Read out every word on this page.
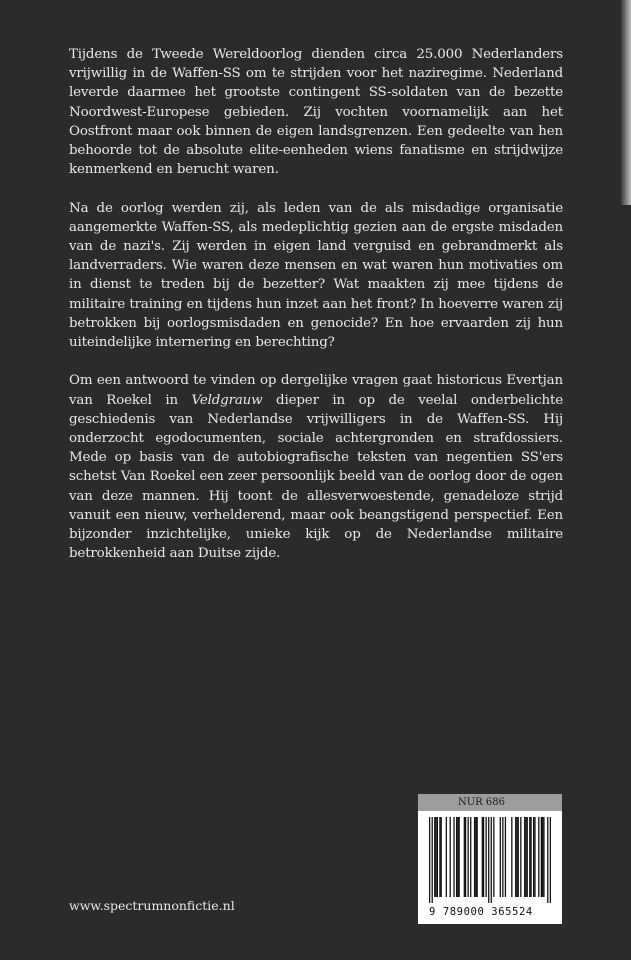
Tijdens de Tweede Wereldoorlog dienden circa 25.000 Nederlanders vrijwillig in de Waffen-SS om te strijden voor het naziregime. Nederland leverde daarmee het grootste contingent SS-soldaten van de bezette Noordwest-Europese gebieden. Zij vochten voornamelijk aan het Oostfront maar ook binnen de eigen landsgrenzen. Een gedeelte van hen behoorde tot de absolute elite-eenheden wiens fanatisme en strijdwijze kenmerkend en berucht waren.

Na de oorlog werden zij, als leden van de als misdadige organisatie aangemerkte Waffen-SS, als medeplichtig gezien aan de ergste misdaden van de nazi's. Zij werden in eigen land verguisd en gebrandmerkt als landverraders. Wie waren deze mensen en wat waren hun motivaties om in dienst te treden bij de bezetter? Wat maakten zij mee tijdens de militaire training en tijdens hun inzet aan het front? In hoeverre waren zij betrokken bij oorlogsmisdaden en genocide? En hoe ervaarden zij hun uiteindelijke internering en berechting?

Om een antwoord te vinden op dergelijke vragen gaat historicus Evertjan van Roekel in Veldgrauw dieper in op de veelal onderbelichte geschiedenis van Nederlandse vrijwilligers in de Waffen-SS. Hij onderzocht egodocumenten, sociale achtergronden en strafdossiers. Mede op basis van de autobiografische teksten van negentien SS'ers schetst Van Roekel een zeer persoonlijk beeld van de oorlog door de ogen van deze mannen. Hij toont de allesverwoestende, genadeloze strijd vanuit een nieuw, verhelderend, maar ook beangstigend perspectief. Een bijzonder inzichtelijke, unieke kijk op de Nederlandse militaire betrokkenheid aan Duitse zijde.

NUR 686
9 789000 365524
www.spectrumnonfictie.nl
